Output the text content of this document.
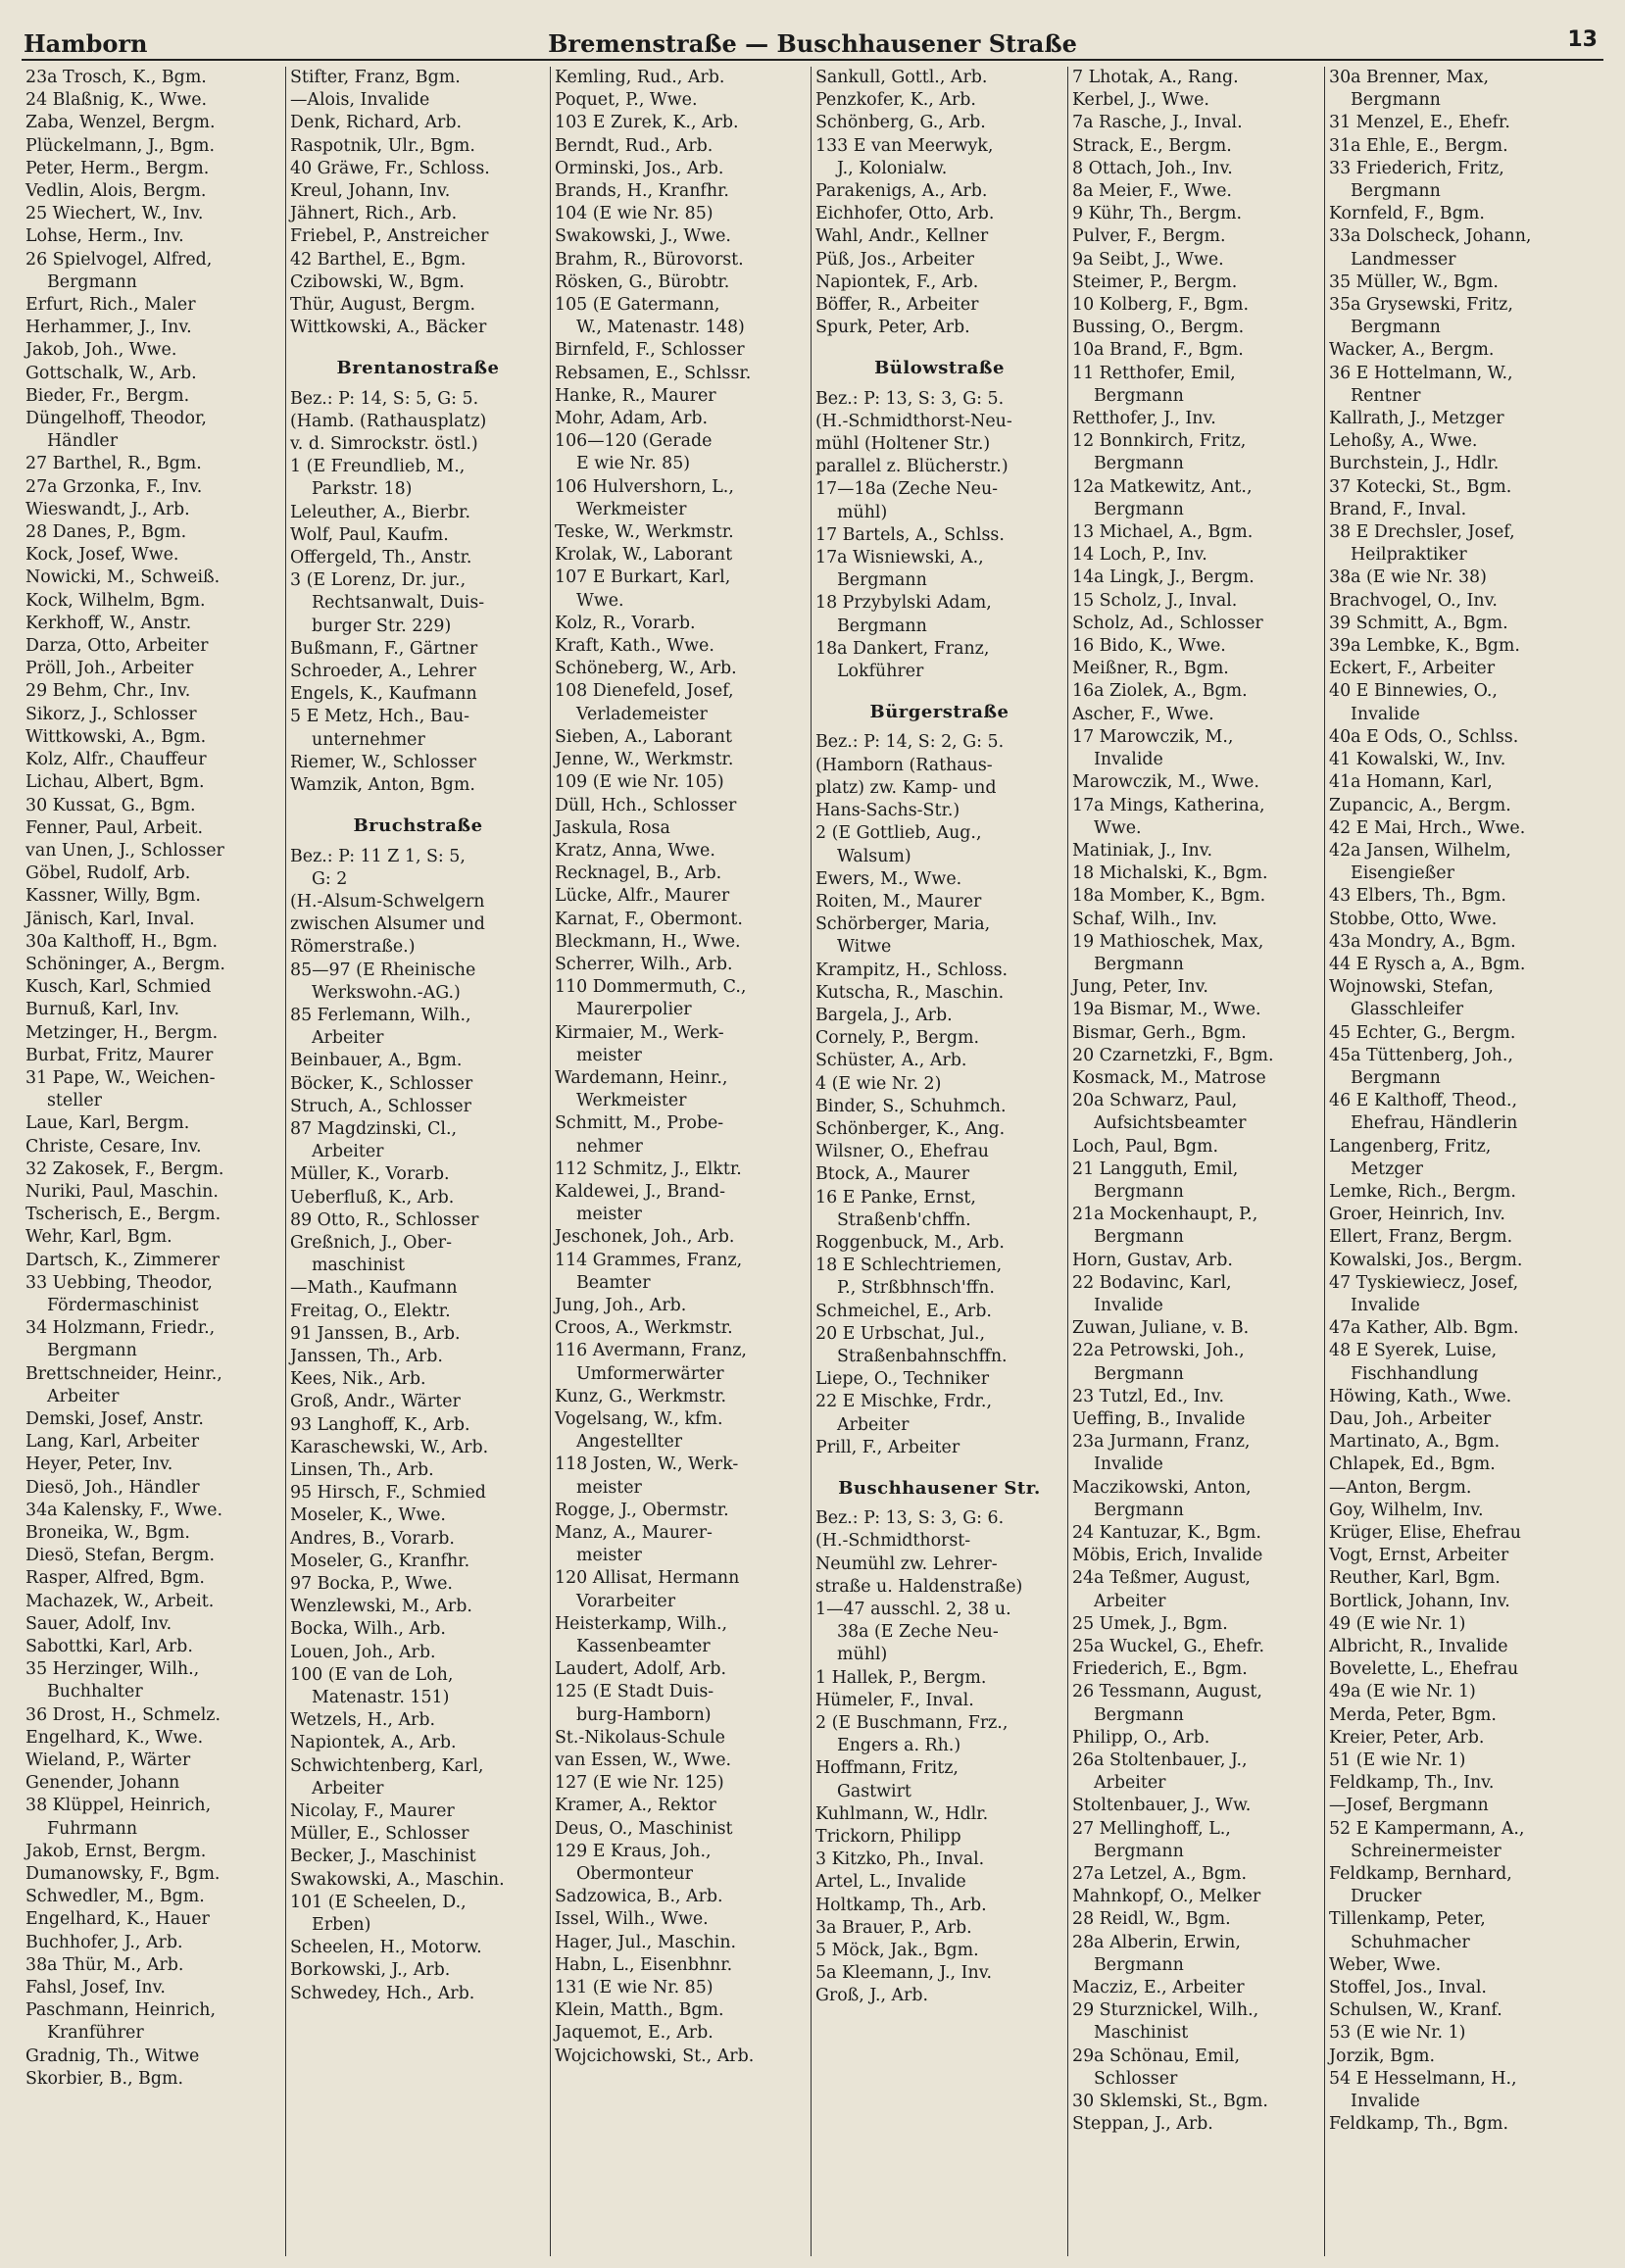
Hamborn	Bremenstraße — Buschhausener Straße	13
23a Trosch, K., Bgm.
24 Blaßnig, K., Wwe.
Zaba, Wenzel, Bergm.
Plückelmann, J., Bgm.
Peter, Herm., Bergm.
Vedlin, Alois, Bergm.
25 Wiechert, W., Inv.
Lohse, Herm., Inv.
26 Spielvogel, Alfred,
Bergmann
Erfurt, Rich., Maler
Herhammer, J., Inv.
Jakob, Joh., Wwe.
Gottschalk, W., Arb.
Bieder, Fr., Bergm.
Düngelhoff, Theodor,
Händler
27 Barthel, R., Bgm.
27a Grzonka, F., Inv.
Wieswandt, J., Arb.
28 Danes, P., Bgm.
Kock, Josef, Wwe.
Nowicki, M., Schweiß.
Kock, Wilhelm, Bgm.
Kerkhoff, W., Anstr.
Darza, Otto, Arbeiter
Pröll, Joh., Arbeiter
29 Behm, Chr., Inv.
Sikorz, J., Schlosser
Wittkowski, A., Bgm.
Kolz, Alfr., Chauffeur
Lichau, Albert, Bgm.
30 Kussat, G., Bgm.
Fenner, Paul, Arbeit.
van Unen, J., Schlosser
Göbel, Rudolf, Arb.
Kassner, Willy, Bgm.
Jänisch, Karl, Inval.
30a Kalthoff, H., Bgm.
Schöninger, A., Bergm.
Kusch, Karl, Schmied
Burnuß, Karl, Inv.
Metzinger, H., Bergm.
Burbat, Fritz, Maurer
31 Pape, W., Weichen-
steller
Laue, Karl, Bergm.
Christe, Cesare, Inv.
32 Zakosek, F., Bergm.
Nuriki, Paul, Maschin.
Tscherisch, E., Bergm.
Wehr, Karl, Bgm.
Dartsch, K., Zimmerer
33 Uebbing, Theodor,
Fördermaschinist
34 Holzmann, Friedr.,
Bergmann
Brettschneider, Heinr.,
Arbeiter
Demski, Josef, Anstr.
Lang, Karl, Arbeiter
Heyer, Peter, Inv.
Diesö, Joh., Händler
34a Kalensky, F., Wwe.
Broneika, W., Bgm.
Diesö, Stefan, Bergm.
Rasper, Alfred, Bgm.
Machazek, W., Arbeit.
Sauer, Adolf, Inv.
Sabottki, Karl, Arb.
35 Herzinger, Wilh.,
Buchhalter
36 Drost, H., Schmelz.
Engelhard, K., Wwe.
Wieland, P., Wärter
Genender, Johann
38 Klüppel, Heinrich,
Fuhrmann
Jakob, Ernst, Bergm.
Dumanowsky, F., Bgm.
Schwedler, M., Bgm.
Engelhard, K., Hauer
Buchhofer, J., Arb.
38a Thür, M., Arb.
Fahsl, Josef, Inv.
Paschmann, Heinrich,
Kranführer
Gradnig, Th., Witwe
Skorbier, B., Bgm.
Stifter, Franz, Bgm.
—Alois, Invalide
Denk, Richard, Arb.
Raspotnik, Ulr., Bgm.
40 Gräwe, Fr., Schloss.
Kreul, Johann, Inv.
Jähnert, Rich., Arb.
Friebel, P., Anstreicher
42 Barthel, E., Bgm.
Czibowski, W., Bgm.
Thür, August, Bergm.
Wittkowski, A., Bäcker
Brentanostraße
Bez.: P: 14, S: 5, G: 5.
(Hamb. (Rathausplatz)
v. d. Simrockstr. östl.)
1 (E Freundlieb, M.,
Parkstr. 18)
Leleuther, A., Bierbr.
Wolf, Paul, Kaufm.
Offergeld, Th., Anstr.
3 (E Lorenz, Dr. jur.,
Rechtsanwalt, Duis-
burger Str. 229)
Bußmann, F., Gärtner
Schroeder, A., Lehrer
Engels, K., Kaufmann
5 E Metz, Hch., Bau-
unternehmer
Riemer, W., Schlosser
Wamzik, Anton, Bgm.
Bruchstraße
Bez.: P: 11 Z 1, S: 5,
G: 2
(H.-Alsum-Schwelgern
zwischen Alsumer und
Römerstraße.)
85—97 (E Rheinische
Werkswohn.-AG.)
85 Ferlemann, Wilh.,
Arbeiter
Beinbauer, A., Bgm.
Böcker, K., Schlosser
Struch, A., Schlosser
87 Magdzinski, Cl.,
Arbeiter
Müller, K., Vorarb.
Ueberfluß, K., Arb.
89 Otto, R., Schlosser
Greßnich, J., Ober-
maschinist
—Math., Kaufmann
Freitag, O., Elektr.
91 Janssen, B., Arb.
Janssen, Th., Arb.
Kees, Nik., Arb.
Groß, Andr., Wärter
93 Langhoff, K., Arb.
Karaschewski, W., Arb.
Linsen, Th., Arb.
95 Hirsch, F., Schmied
Moseler, K., Wwe.
Andres, B., Vorarb.
Moseler, G., Kranfhr.
97 Bocka, P., Wwe.
Wenzlewski, M., Arb.
Bocka, Wilh., Arb.
Louen, Joh., Arb.
100 (E van de Loh,
Matenastr. 151)
Wetzels, H., Arb.
Napiontek, A., Arb.
Schwichtenberg, Karl,
Arbeiter
Nicolay, F., Maurer
Müller, E., Schlosser
Becker, J., Maschinist
Swakowski, A., Maschin.
101 (E Scheelen, D.,
Erben)
Scheelen, H., Motorw.
Borkowski, J., Arb.
Schwedey, Hch., Arb.
Kemling, Rud., Arb.
Poquet, P., Wwe.
103 E Zurek, K., Arb.
Berndt, Rud., Arb.
Orminski, Jos., Arb.
Brands, H., Kranfhr.
104 (E wie Nr. 85)
Swakowski, J., Wwe.
Brahm, R., Bürovorst.
Rösken, G., Bürobtr.
105 (E Gatermann,
W., Matenastr. 148)
Birnfeld, F., Schlosser
Rebsamen, E., Schlssr.
Hanke, R., Maurer
Mohr, Adam, Arb.
106—120 (Gerade
E wie Nr. 85)
106 Hulvershorn, L.,
Werkmeister
Teske, W., Werkmstr.
Krolak, W., Laborant
107 E Burkart, Karl,
Wwe.
Kolz, R., Vorarb.
Kraft, Kath., Wwe.
Schöneberg, W., Arb.
108 Dienefeld, Josef,
Verlademeister
Sieben, A., Laborant
Jenne, W., Werkmstr.
109 (E wie Nr. 105)
Düll, Hch., Schlosser
Jaskula, Rosa
Kratz, Anna, Wwe.
Recknagel, B., Arb.
Lücke, Alfr., Maurer
Karnat, F., Obermont.
Bleckmann, H., Wwe.
Scherrer, Wilh., Arb.
110 Dommermuth, C.,
Maurerpolier
Kirmaier, M., Werk-
meister
Wardemann, Heinr.,
Werkmeister
Schmitt, M., Probe-
nehmer
112 Schmitz, J., Elktr.
Kaldewei, J., Brand-
meister
Jeschonek, Joh., Arb.
114 Grammes, Franz,
Beamter
Jung, Joh., Arb.
Croos, A., Werkmstr.
116 Avermann, Franz,
Umformerwärter
Kunz, G., Werkmstr.
Vogelsang, W., kfm.
Angestellter
118 Josten, W., Werk-
meister
Rogge, J., Obermstr.
Manz, A., Maurer-
meister
120 Allisat, Hermann
Vorarbeiter
Heisterkamp, Wilh.,
Kassenbeamter
Laudert, Adolf, Arb.
125 (E Stadt Duis-
burg-Hamborn)
St.-Nikolaus-Schule
van Essen, W., Wwe.
127 (E wie Nr. 125)
Kramer, A., Rektor
Deus, O., Maschinist
129 E Kraus, Joh.,
Obermonteur
Sadzowica, B., Arb.
Issel, Wilh., Wwe.
Hager, Jul., Maschin.
Habn, L., Eisenbhnr.
131 (E wie Nr. 85)
Klein, Matth., Bgm.
Jaquemot, E., Arb.
Wojcichowski, St., Arb.
Sankull, Gottl., Arb.
Penzkofer, K., Arb.
Schönberg, G., Arb.
133 E van Meerwyk,
J., Kolonialw.
Parakenigs, A., Arb.
Eichhofer, Otto, Arb.
Wahl, Andr., Kellner
Püß, Jos., Arbeiter
Napiontek, F., Arb.
Böffer, R., Arbeiter
Spurk, Peter, Arb.
Bülowstraße
Bez.: P: 13, S: 3, G: 5.
(H.-Schmidthorst-Neu-
mühl (Holtener Str.)
parallel z. Blücherstr.)
17—18a (Zeche Neu-
mühl)
17 Bartels, A., Schlss.
17a Wisniewski, A.,
Bergmann
18 Przybylski Adam,
Bergmann
18a Dankert, Franz,
Lokführer
Bürgerstraße
Bez.: P: 14, S: 2, G: 5.
(Hamborn (Rathaus-
platz) zw. Kamp- und
Hans-Sachs-Str.)
2 (E Gottlieb, Aug.,
Walsum)
Ewers, M., Wwe.
Roiten, M., Maurer
Schörberger, Maria,
Witwe
Krampitz, H., Schloss.
Kutscha, R., Maschin.
Bargela, J., Arb.
Cornely, P., Bergm.
Schüster, A., Arb.
4 (E wie Nr. 2)
Binder, S., Schuhmch.
Schönberger, K., Ang.
Wilsner, O., Ehefrau
Btock, A., Maurer
16 E Panke, Ernst,
Straßenb'chffn.
Roggenbuck, M., Arb.
18 E Schlechtriemen,
P., Strßbhnsch'ffn.
Schmeichel, E., Arb.
20 E Urbschat, Jul.,
Straßenbahnschffn.
Liepe, O., Techniker
22 E Mischke, Frdr.,
Arbeiter
Prill, F., Arbeiter
Buschhausener Str.
Bez.: P: 13, S: 3, G: 6.
(H.-Schmidthorst-
Neumühl zw. Lehrer-
straße u. Haldenstraße)
1—47 ausschl. 2, 38 u.
38a (E Zeche Neu-
mühl)
1 Hallek, P., Bergm.
Hümeler, F., Inval.
2 (E Buschmann, Frz.,
Engers a. Rh.)
Hoffmann, Fritz,
Gastwirt
Kuhlmann, W., Hdlr.
Trickorn, Philipp
3 Kitzko, Ph., Inval.
Artel, L., Invalide
Holtkamp, Th., Arb.
3a Brauer, P., Arb.
5 Möck, Jak., Bgm.
5a Kleemann, J., Inv.
Groß, J., Arb.
7 Lhotak, A., Rang.
Kerbel, J., Wwe.
7a Rasche, J., Inval.
Strack, E., Bergm.
8 Ottach, Joh., Inv.
8a Meier, F., Wwe.
9 Kühr, Th., Bergm.
Pulver, F., Bergm.
9a Seibt, J., Wwe.
Steimer, P., Bergm.
10 Kolberg, F., Bgm.
Bussing, O., Bergm.
10a Brand, F., Bgm.
11 Retthofer, Emil,
Bergmann
Retthofer, J., Inv.
12 Bonnkirch, Fritz,
Bergmann
12a Matkewitz, Ant.,
Bergmann
13 Michael, A., Bgm.
14 Loch, P., Inv.
14a Lingk, J., Bergm.
15 Scholz, J., Inval.
Scholz, Ad., Schlosser
16 Bido, K., Wwe.
Meißner, R., Bgm.
16a Ziolek, A., Bgm.
Ascher, F., Wwe.
17 Marowczik, M.,
Invalide
Marowczik, M., Wwe.
17a Mings, Katherina,
Wwe.
Matiniak, J., Inv.
18 Michalski, K., Bgm.
18a Momber, K., Bgm.
Schaf, Wilh., Inv.
19 Mathioschek, Max,
Bergmann
Jung, Peter, Inv.
19a Bismar, M., Wwe.
Bismar, Gerh., Bgm.
20 Czarnetzki, F., Bgm.
Kosmack, M., Matrose
20a Schwarz, Paul,
Aufsichtsbeamter
Loch, Paul, Bgm.
21 Langguth, Emil,
Bergmann
21a Mockenhaupt, P.,
Bergmann
Horn, Gustav, Arb.
22 Bodavinc, Karl,
Invalide
Zuwan, Juliane, v. B.
22a Petrowski, Joh.,
Bergmann
23 Tutzl, Ed., Inv.
Ueffing, B., Invalide
23a Jurmann, Franz,
Invalide
Maczikowski, Anton,
Bergmann
24 Kantuzar, K., Bgm.
Möbis, Erich, Invalide
24a Teßmer, August,
Arbeiter
25 Umek, J., Bgm.
25a Wuckel, G., Ehefr.
Friederich, E., Bgm.
26 Tessmann, August,
Bergmann
Philipp, O., Arb.
26a Stoltenbauer, J.,
Arbeiter
Stoltenbauer, J., Ww.
27 Mellinghoff, L.,
Bergmann
27a Letzel, A., Bgm.
Mahnkopf, O., Melker
28 Reidl, W., Bgm.
28a Alberin, Erwin,
Bergmann
Macziz, E., Arbeiter
29 Sturznickel, Wilh.,
Maschinist
29a Schönau, Emil,
Schlosser
30 Sklemski, St., Bgm.
Steppan, J., Arb.
30a Brenner, Max,
Bergmann
31 Menzel, E., Ehefr.
31a Ehle, E., Bergm.
33 Friederich, Fritz,
Bergmann
Kornfeld, F., Bgm.
33a Dolscheck, Johann,
Landmesser
35 Müller, W., Bgm.
35a Grysewski, Fritz,
Bergmann
Wacker, A., Bergm.
36 E Hottelmann, W.,
Rentner
Kallrath, J., Metzger
Lehoßy, A., Wwe.
Burchstein, J., Hdlr.
37 Kotecki, St., Bgm.
Brand, F., Inval.
38 E Drechsler, Josef,
Heilpraktiker
38a (E wie Nr. 38)
Brachvogel, O., Inv.
39 Schmitt, A., Bgm.
39a Lembke, K., Bgm.
Eckert, F., Arbeiter
40 E Binnewies, O.,
Invalide
40a E Ods, O., Schlss.
41 Kowalski, W., Inv.
41a Homann, Karl,
Zupancic, A., Bergm.
42 E Mai, Hrch., Wwe.
42a Jansen, Wilhelm,
Eisengießer
43 Elbers, Th., Bgm.
Stobbe, Otto, Wwe.
43a Mondry, A., Bgm.
44 E Rysch a, A., Bgm.
Wojnowski, Stefan,
Glasschleifer
45 Echter, G., Bergm.
45a Tüttenberg, Joh.,
Bergmann
46 E Kalthoff, Theod.,
Ehefrau, Händlerin
Langenberg, Fritz,
Metzger
Lemke, Rich., Bergm.
Groer, Heinrich, Inv.
Ellert, Franz, Bergm.
Kowalski, Jos., Bergm.
47 Tyskiewiecz, Josef,
Invalide
47a Kather, Alb. Bgm.
48 E Syerek, Luise,
Fischhandlung
Höwing, Kath., Wwe.
Dau, Joh., Arbeiter
Martinato, A., Bgm.
Chlapek, Ed., Bgm.
—Anton, Bergm.
Goy, Wilhelm, Inv.
Krüger, Elise, Ehefrau
Vogt, Ernst, Arbeiter
Reuther, Karl, Bgm.
Bortlick, Johann, Inv.
49 (E wie Nr. 1)
Albricht, R., Invalide
Bovelette, L., Ehefrau
49a (E wie Nr. 1)
Merda, Peter, Bgm.
Kreier, Peter, Arb.
51 (E wie Nr. 1)
Feldkamp, Th., Inv.
—Josef, Bergmann
52 E Kampermann, A.,
Schreinermeister
Feldkamp, Bernhard,
Drucker
Tillenkamp, Peter,
Schuhmacher
Weber, Wwe.
Stoffel, Jos., Inval.
Schulsen, W., Kranf.
53 (E wie Nr. 1)
Jorzik, Bgm.
54 E Hesselmann, H.,
Invalide
Feldkamp, Th., Bgm.
